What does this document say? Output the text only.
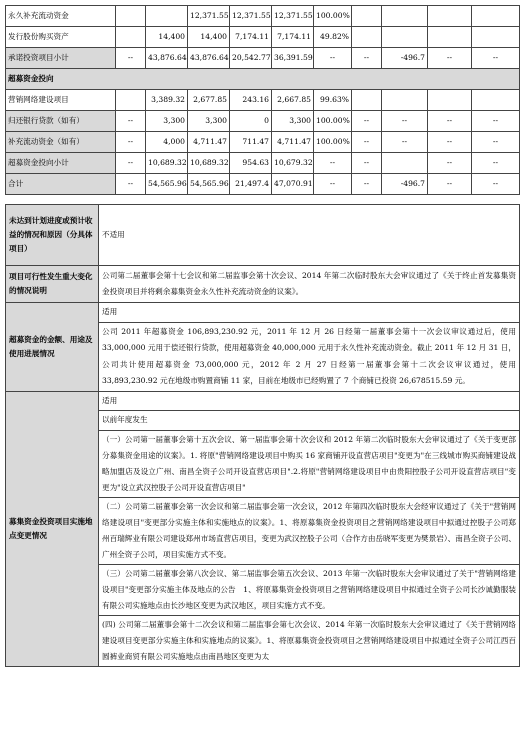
永久补充流动资金			12,371.55	12,371.55	12,371.55	100.00%				
发行股份购买资产		14,400	14,400	7,174.11	7,174.11	49.82%				
承诺投资项目小计	--	43,876.64	43,876.64	20,542.77	36,391.59	--	--	-496.7	--	--
超募资金投向										
营销网络建设项目		3,389.32	2,677.85	243.16	2,667.85	99.63%				
归还银行贷款（如有）	--	3,300	3,300	0	3,300	100.00%	--	--	--	--
补充流动资金（如有）	--	4,000	4,711.47	711.47	4,711.47	100.00%	--	--	--	--
超募资金投向小计	--	10,689.32	10,689.32	954.63	10,679.32	--	--		--	--
合计	--	54,565.96	54,565.96	21,497.4	47,070.91	--	--	-496.7	--	--
未达到计划进度或预计收益的情况和原因（分具体项目）	不适用
项目可行性发生重大变化的情况说明	公司第二届董事会第十七会议和第二届监事会第十次会议、2014 年第二次临时股东大会审议通过了《关于终止首发募集资金投资项目并将剩余募集资金永久性补充流动资金的议案》。
超募资金的金额、用途及使用进展情况	适用
	公司 2011 年超募资金 106,893,230.92 元，2011 年 12 月 26 日经第一届董事会第十一次会议审议通过后，使用 33,000,000 元用于偿还银行贷款，使用超募资金 40,000,000 元用于永久性补充流动资金。截止 2011 年 12 月 31 日，公司共计使用超募资金 73,000,000 元，2012 年 2 月 27 日经第一届董事会第十二次会议审议通过，使用 33,893,230.92 元在地级市购置商铺 11 家，目前在地级市已经购置了 7 个商铺已投资 26,678515.59 元。
募集资金投资项目实施地点变更情况	适用
	以前年度发生
	（一）公司第一届董事会第十五次会议、第一届监事会第十次会议和 2012 年第二次临时股东大会审议通过了《关于变更部分募集资金用途的议案》。1. 将原"营销网络建设项目中购买 16 家商铺开设直营店项目"变更为"在三线城市购买商铺建设战略加盟店及设立广州、南昌全资子公司开设直营店项目".2.将原"营销网络建设项目中由贵阳控股子公司开设直营店项目"变更为"设立武汉控股子公司开设直营店项目"
	（二）公司第二届董事会第一次会议和第二届监事会第一次会议，2012 年第四次临时股东大会经审议通过了《关于"营销网络建设项目"变更部分实施主体和实施地点的议案》。1、将原募集资金投资项目之营销网络建设项目中拟通过控股子公司郑州百瑞辉业有限公司建设郑州市场直营店项目，变更为武汉控股子公司（合作方由岳晓军变更为樊景岩）、南昌全资子公司、广州全资子公司，项目实施方式不变。
	（三）公司第二届董事会第八次会议、第二届监事会第五次会议、2013 年第一次临时股东大会审议通过了关于"营销网络建设项目"变更部分实施主体及地点的公告　1、将原募集资金投资项目之营销网络建设项目中拟通过全资子公司长沙诚勤服装有限公司实施地点由长沙地区变更为武汉地区，项目实施方式不变。
	(四) 公司第二届董事会第十二次会议和第二届监事会第七次会议、2014 年第一次临时股东大会审议通过了《关于营销网络建设项目变更部分实施主体和实施地点的议案》。1、将原募集资金投资项目之营销网络建设项目中拟通过全资子公司江西百圆裤业商贸有限公司实施地点由南昌地区变更为太
